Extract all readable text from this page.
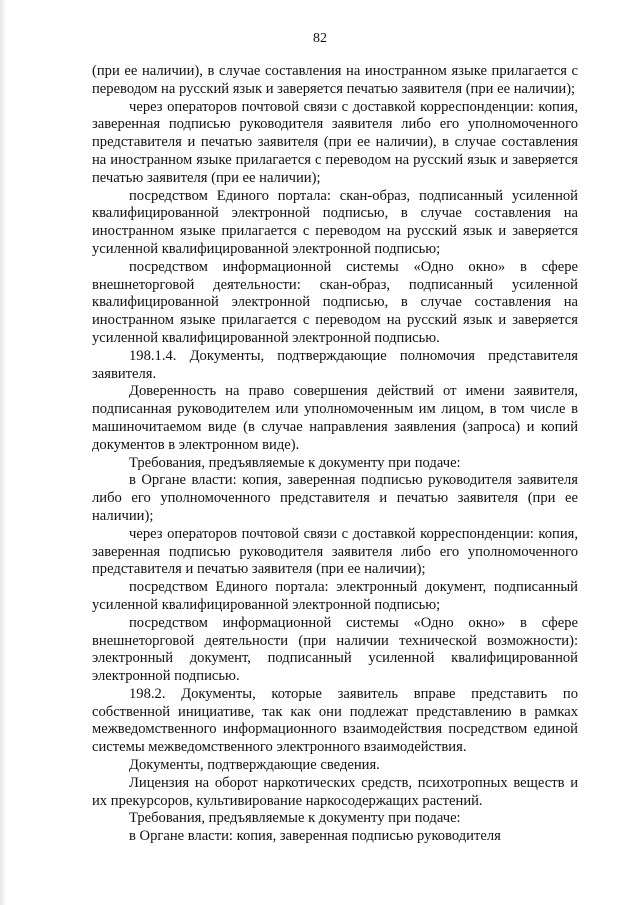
82

(при ее наличии), в случае составления на иностранном языке прилагается с переводом на русский язык и заверяется печатью заявителя (при ее наличии);

через операторов почтовой связи с доставкой корреспонденции: копия, заверенная подписью руководителя заявителя либо его уполномоченного представителя и печатью заявителя (при ее наличии), в случае составления на иностранном языке прилагается с переводом на русский язык и заверяется печатью заявителя (при ее наличии);

посредством Единого портала: скан-образ, подписанный усиленной квалифицированной электронной подписью, в случае составления на иностранном языке прилагается с переводом на русский язык и заверяется усиленной квалифицированной электронной подписью;

посредством информационной системы «Одно окно» в сфере внешнеторговой деятельности: скан-образ, подписанный усиленной квалифицированной электронной подписью, в случае составления на иностранном языке прилагается с переводом на русский язык и заверяется усиленной квалифицированной электронной подписью.

198.1.4. Документы, подтверждающие полномочия представителя заявителя.

Доверенность на право совершения действий от имени заявителя, подписанная руководителем или уполномоченным им лицом, в том числе в машиночитаемом виде (в случае направления заявления (запроса) и копий документов в электронном виде).

Требования, предъявляемые к документу при подаче:

в Органе власти: копия, заверенная подписью руководителя заявителя либо его уполномоченного представителя и печатью заявителя (при ее наличии);

через операторов почтовой связи с доставкой корреспонденции: копия, заверенная подписью руководителя заявителя либо его уполномоченного представителя и печатью заявителя (при ее наличии);

посредством Единого портала: электронный документ, подписанный усиленной квалифицированной электронной подписью;

посредством информационной системы «Одно окно» в сфере внешнеторговой деятельности (при наличии технической возможности): электронный документ, подписанный усиленной квалифицированной электронной подписью.

198.2. Документы, которые заявитель вправе представить по собственной инициативе, так как они подлежат представлению в рамках межведомственного информационного взаимодействия посредством единой системы межведомственного электронного взаимодействия.

Документы, подтверждающие сведения.

Лицензия на оборот наркотических средств, психотропных веществ и их прекурсоров, культивирование наркосодержащих растений.

Требования, предъявляемые к документу при подаче:

в Органе власти: копия, заверенная подписью руководителя
